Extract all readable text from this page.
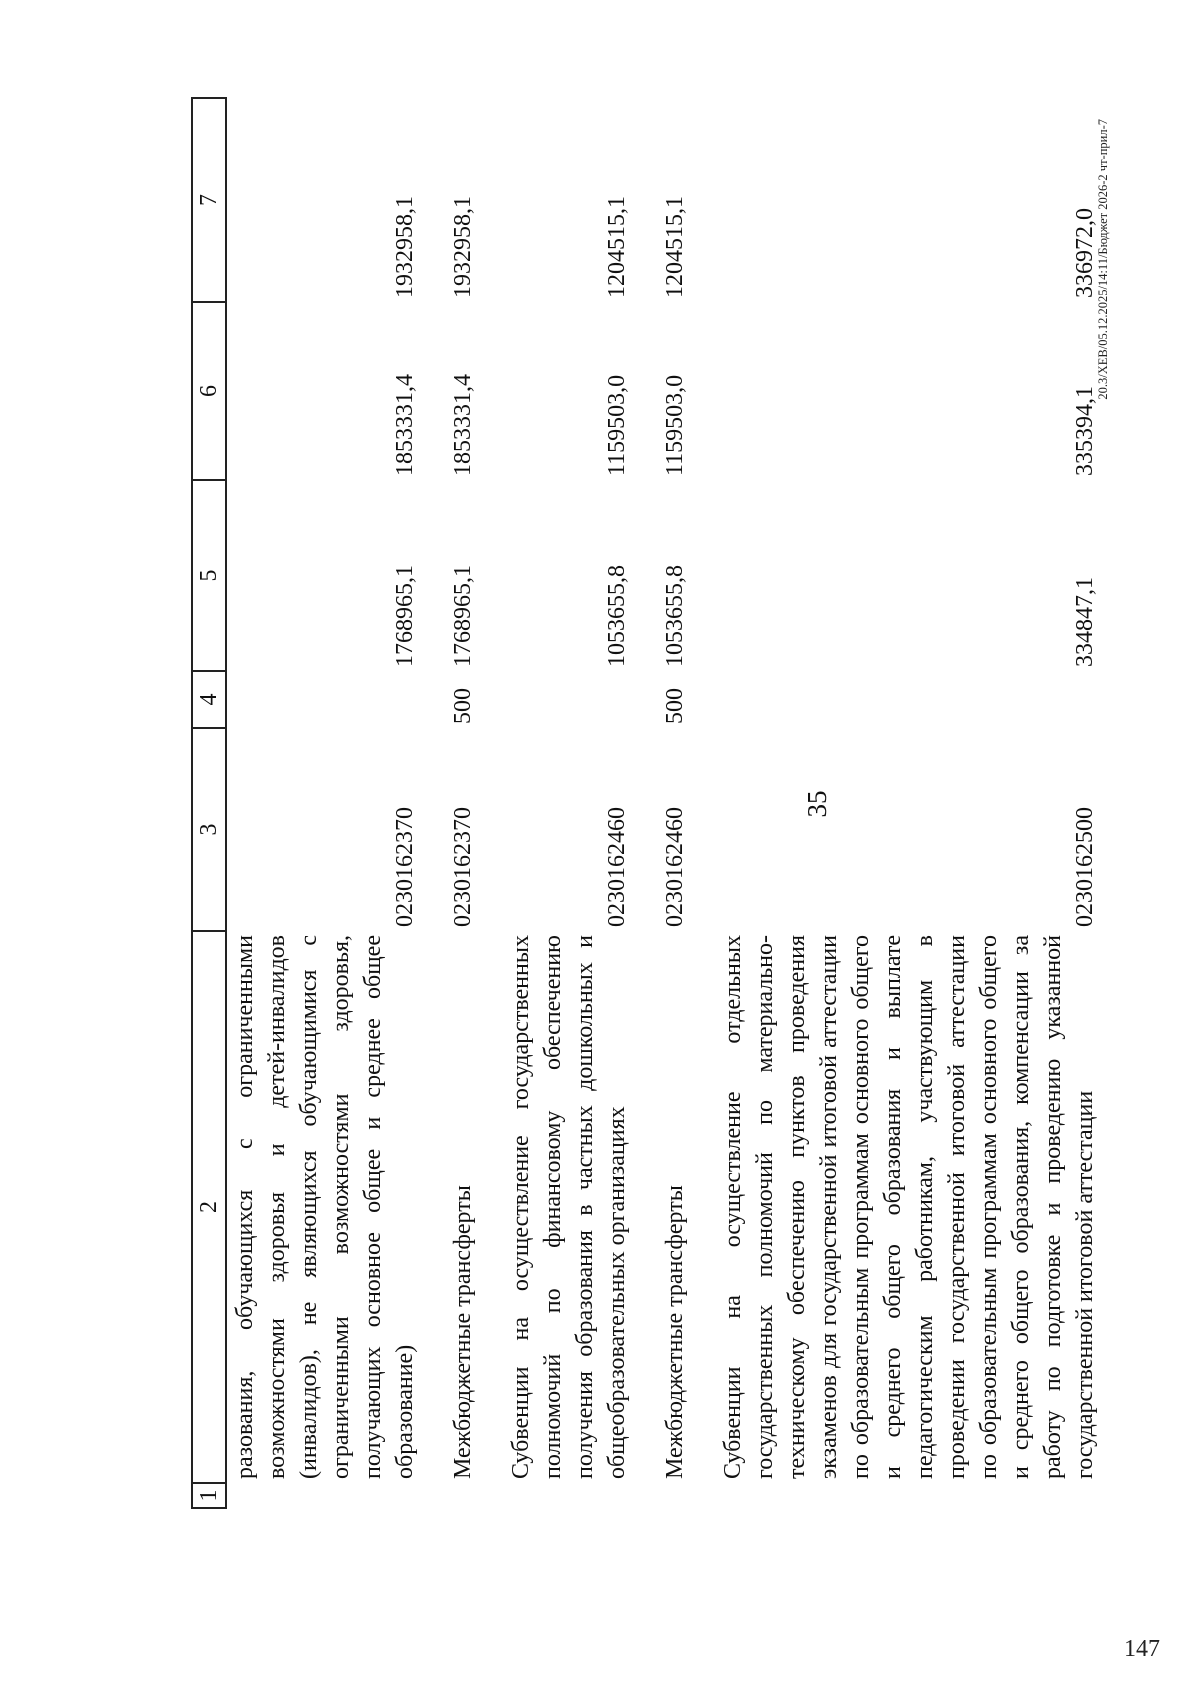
1	2	3	4	5	6	7
	разования, обучающихся с ограниченными возможностями здоровья и детей-инвалидов (инвалидов), не являющихся обучающимися с ограниченными возможностями здоровья, получающих основное общее и среднее общее образование)	0230162370		1768965,1	1853331,4	1932958,1
	Межбюджетные трансферты	0230162370	500	1768965,1	1853331,4	1932958,1
	Субвенции на осуществление государственных полномочий по финансовому обеспечению получения образования в частных дошкольных и общеобразовательных организациях	0230162460		1053655,8	1159503,0	1204515,1
	Межбюджетные трансферты	0230162460	500	1053655,8	1159503,0	1204515,1
	Субвенции на осуществление отдельных государственных полномочий по материально-техническому обеспечению пунктов проведения экзаменов для государственной итоговой аттестации по образовательным программам основного общего и среднего общего образования и выплате педагогическим работникам, участвующим в проведении государственной итоговой аттестации по образовательным программам основного общего и среднего общего образования, компенсации за работу по подготовке и проведению указанной государственной итоговой аттестации	0230162500		334847,1	335394,1	336972,0
35
20.3/XEB/05.12.2025/14:11/Бюджет 2026-2 чт-прил-7
147
